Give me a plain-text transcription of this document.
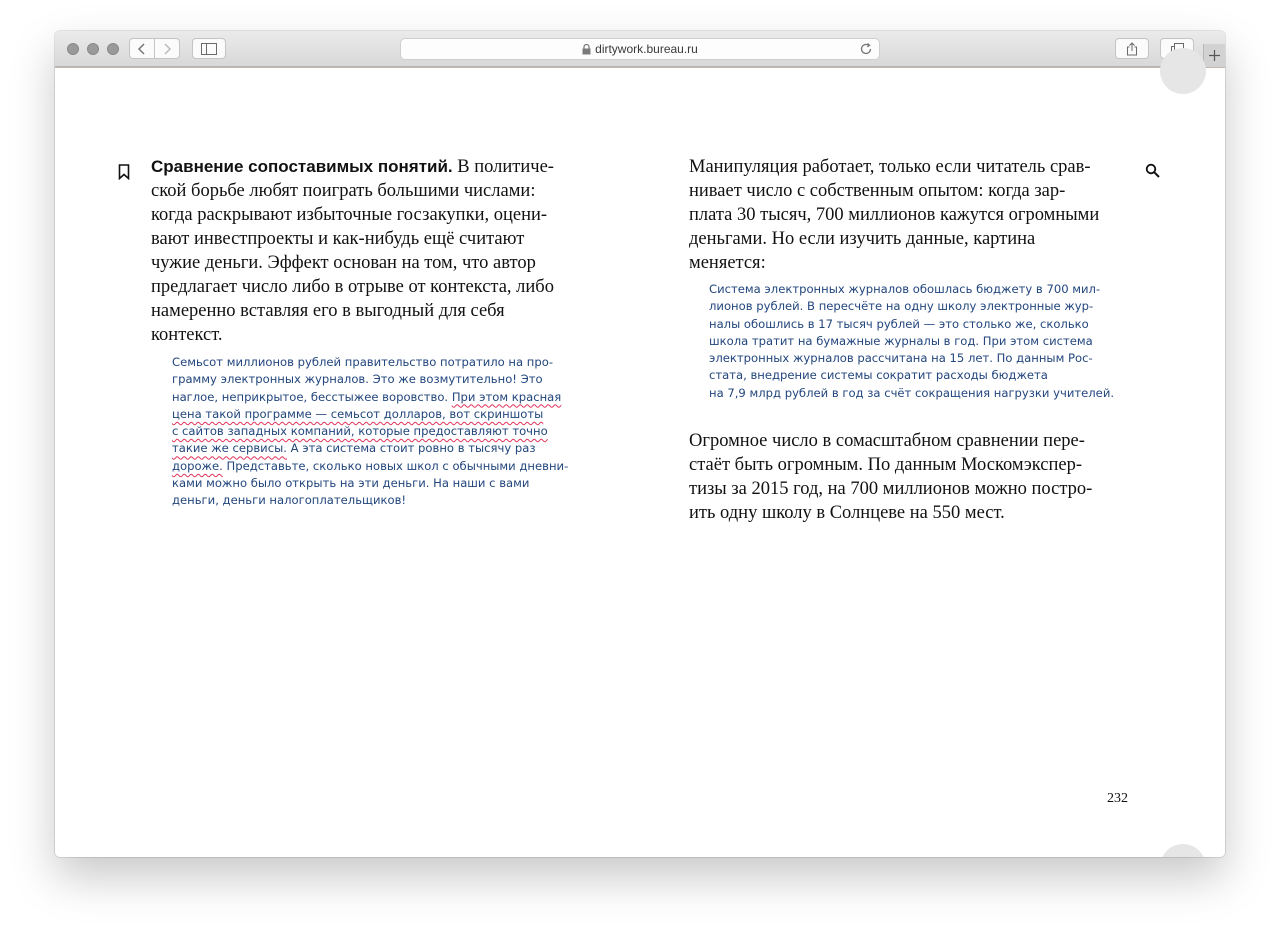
dirtywork.bureau.ru
Сравнение сопоставимых понятий. В политиче-
ской борьбе любят поиграть большими числами:
когда раскрывают избыточные госзакупки, оцени-
вают инвестпроекты и как-нибудь ещё считают
чужие деньги. Эффект основан на том, что автор
предлагает число либо в отрыве от контекста, либо
намеренно вставляя его в выгодный для себя
контекст.
Семьсот миллионов рублей правительство потратило на про-
грамму электронных журналов. Это же возмутительно! Это
наглое, неприкрытое, бесстыжее воровство. При этом красная
цена такой программе — семьсот долларов, вот скриншоты
с сайтов западных компаний, которые предоставляют точно
такие же сервисы. А эта система стоит ровно в тысячу раз
дороже. Представьте, сколько новых школ с обычными дневни-
ками можно было открыть на эти деньги. На наши с вами
деньги, деньги налогоплательщиков!
Манипуляция работает, только если читатель срав-
нивает число с собственным опытом: когда зар-
плата 30 тысяч, 700 миллионов кажутся огромными
деньгами. Но если изучить данные, картина
меняется:
Система электронных журналов обошлась бюджету в 700 мил-
лионов рублей. В пересчёте на одну школу электронные жур-
налы обошлись в 17 тысяч рублей — это столько же, сколько
школа тратит на бумажные журналы в год. При этом система
электронных журналов рассчитана на 15 лет. По данным Рос-
стата, внедрение системы сократит расходы бюджета
на 7,9 млрд рублей в год за счёт сокращения нагрузки учителей.
Огромное число в сомасштабном сравнении пере-
стаёт быть огромным. По данным Москомэкспер-
тизы за 2015 год, на 700 миллионов можно постро-
ить одну школу в Солнцеве на 550 мест.
232
